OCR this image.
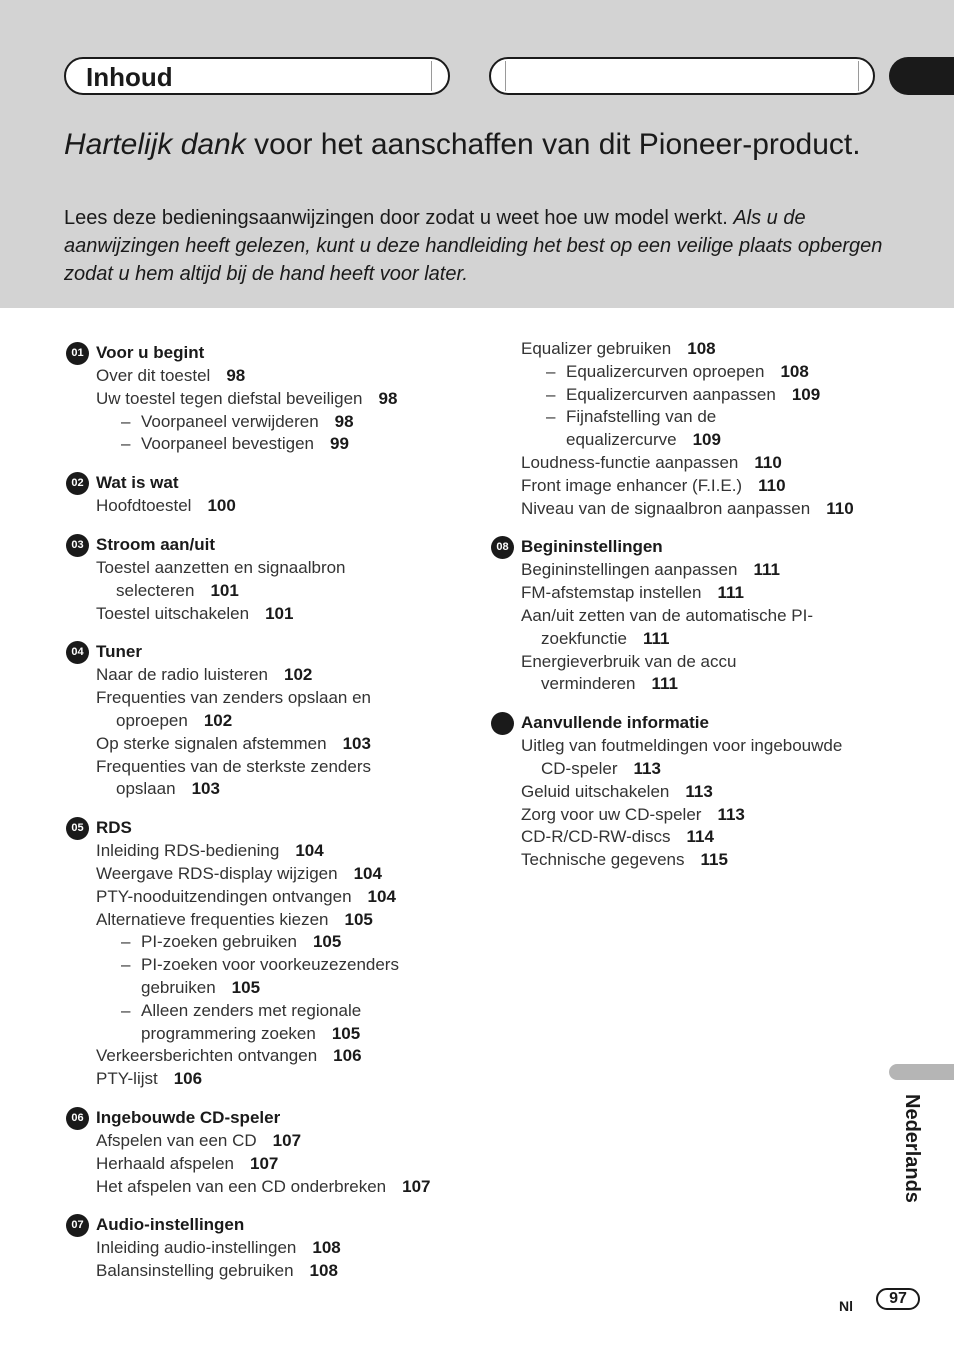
Inhoud
Hartelijk dank voor het aanschaffen van dit Pioneer-product.

Lees deze bedieningsaanwijzingen door zodat u weet hoe uw model werkt. Als u de aanwijzingen heeft gelezen, kunt u deze handleiding het best op een veilige plaats opbergen zodat u hem altijd bij de hand heeft voor later.

01 Voor u begint
Over dit toestel 98
Uw toestel tegen diefstal beveiligen 98
– Voorpaneel verwijderen 98
– Voorpaneel bevestigen 99
02 Wat is wat
Hoofdtoestel 100
03 Stroom aan/uit
Toestel aanzetten en signaalbron
selecteren 101
Toestel uitschakelen 101
04 Tuner
Naar de radio luisteren 102
Frequenties van zenders opslaan en
oproepen 102
Op sterke signalen afstemmen 103
Frequenties van de sterkste zenders
opslaan 103
05 RDS
Inleiding RDS-bediening 104
Weergave RDS-display wijzigen 104
PTY-nooduitzendingen ontvangen 104
Alternatieve frequenties kiezen 105
– PI-zoeken gebruiken 105
– PI-zoeken voor voorkeuzezenders
gebruiken 105
– Alleen zenders met regionale
programmering zoeken 105
Verkeersberichten ontvangen 106
PTY-lijst 106
06 Ingebouwde CD-speler
Afspelen van een CD 107
Herhaald afspelen 107
Het afspelen van een CD onderbreken 107
07 Audio-instellingen
Inleiding audio-instellingen 108
Balansinstelling gebruiken 108
Equalizer gebruiken 108
– Equalizercurven oproepen 108
– Equalizercurven aanpassen 109
– Fijnafstelling van de
equalizercurve 109
Loudness-functie aanpassen 110
Front image enhancer (F.I.E.) 110
Niveau van de signaalbron aanpassen 110
08 Begininstellingen
Begininstellingen aanpassen 111
FM-afstemstap instellen 111
Aan/uit zetten van de automatische PI-
zoekfunctie 111
Energieverbruik van de accu
verminderen 111
Aanvullende informatie
Uitleg van foutmeldingen voor ingebouwde
CD-speler 113
Geluid uitschakelen 113
Zorg voor uw CD-speler 113
CD-R/CD-RW-discs 114
Technische gegevens 115
Nederlands
Nl	97
